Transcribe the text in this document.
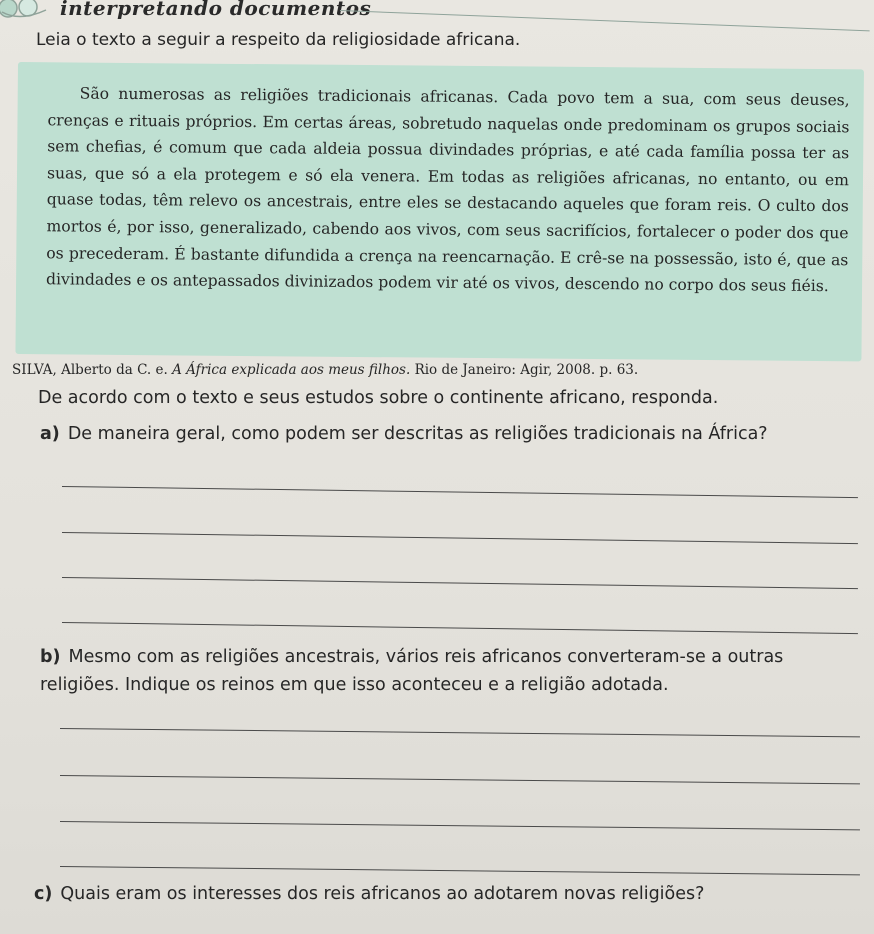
interpretando documentos
Leia o texto a seguir a respeito da religiosidade africana.

São numerosas as religiões tradicionais africanas. Cada povo tem a sua, com seus deuses, crenças e rituais próprios. Em certas áreas, sobretudo naquelas onde predominam os grupos sociais sem chefias, é comum que cada aldeia possua divindades próprias, e até cada família possa ter as suas, que só a ela protegem e só ela venera. Em todas as religiões africanas, no entanto, ou em quase todas, têm relevo os ancestrais, entre eles se destacando aqueles que foram reis. O culto dos mortos é, por isso, generalizado, cabendo aos vivos, com seus sacrifícios, fortalecer o poder dos que os precederam. É bastante difundida a crença na reencarnação. E crê-se na possessão, isto é, que as divindades e os antepassados divinizados podem vir até os vivos, descendo no corpo dos seus fiéis.

SILVA, Alberto da C. e. A África explicada aos meus filhos. Rio de Janeiro: Agir, 2008. p. 63.
De acordo com o texto e seus estudos sobre o continente africano, responda.
a) De maneira geral, como podem ser descritas as religiões tradicionais na África?
b) Mesmo com as religiões ancestrais, vários reis africanos converteram-se a outras religiões. Indique os reinos em que isso aconteceu e a religião adotada.
c) Quais eram os interesses dos reis africanos ao adotarem novas religiões?
